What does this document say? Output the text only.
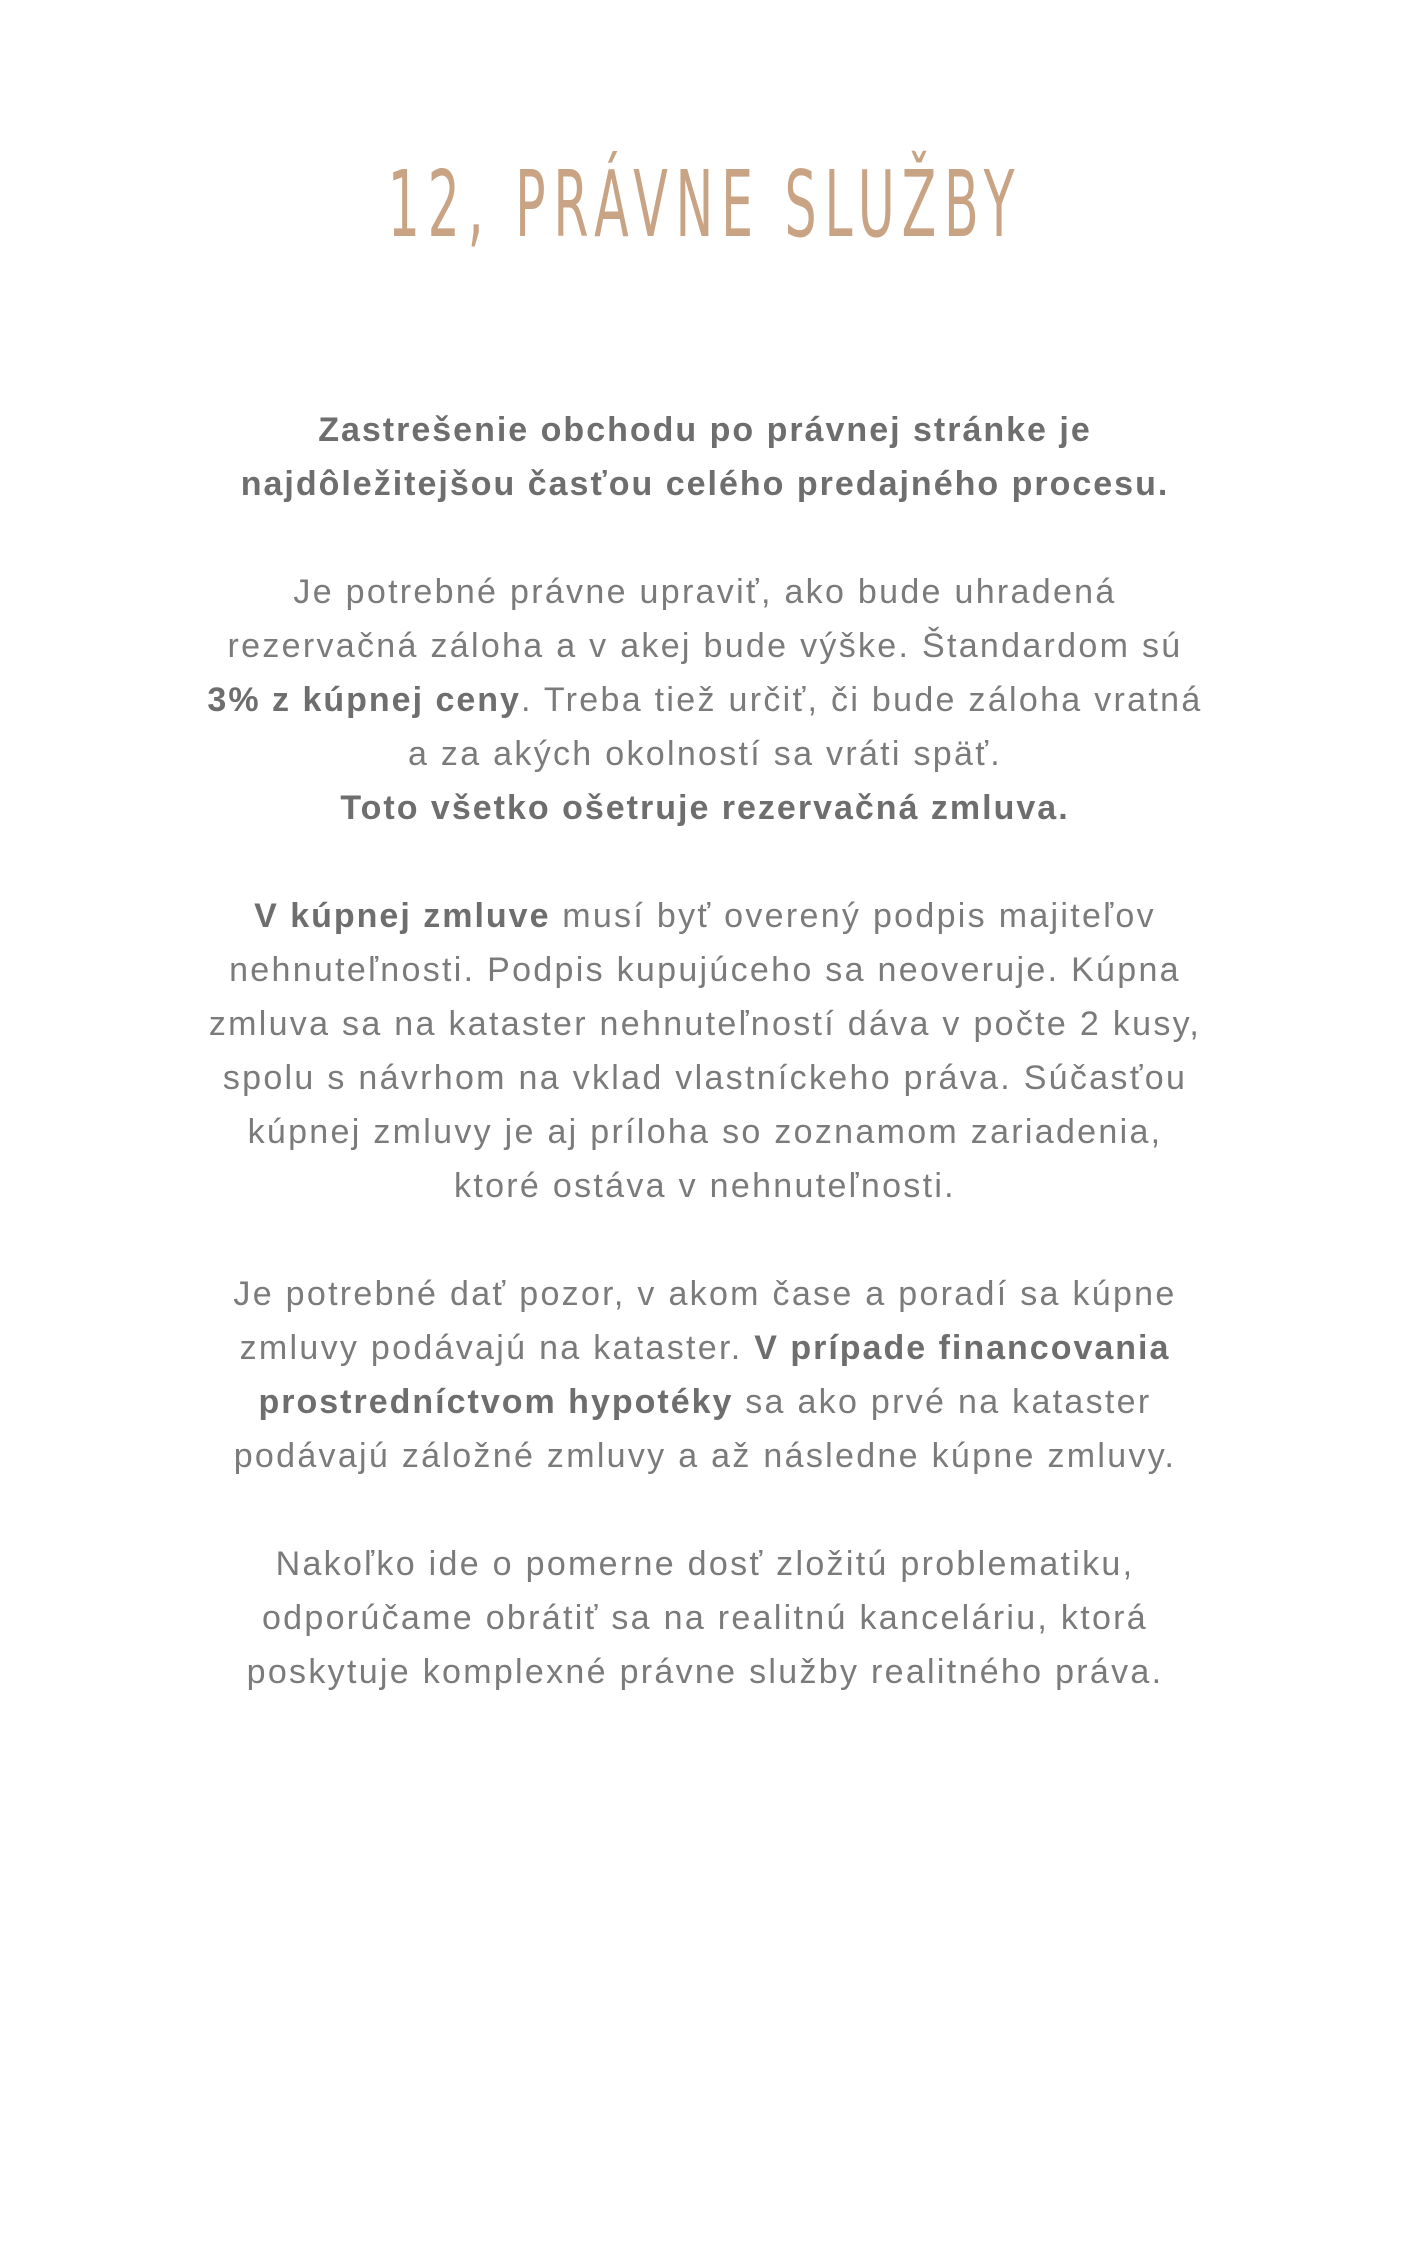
12, PRÁVNE SLUŽBY

Zastrešenie obchodu po právnej stránke je
najdôležitejšou časťou celého predajného procesu.

Je potrebné právne upraviť, ako bude uhradená
rezervačná záloha a v akej bude výške. Štandardom sú
3% z kúpnej ceny. Treba tiež určiť, či bude záloha vratná
a za akých okolností sa vráti späť.
Toto všetko ošetruje rezervačná zmluva.

V kúpnej zmluve musí byť overený podpis majiteľov
nehnuteľnosti. Podpis kupujúceho sa neoveruje. Kúpna
zmluva sa na kataster nehnuteľností dáva v počte 2 kusy,
spolu s návrhom na vklad vlastníckeho práva. Súčasťou
kúpnej zmluvy je aj príloha so zoznamom zariadenia,
ktoré ostáva v nehnuteľnosti.

Je potrebné dať pozor, v akom čase a poradí sa kúpne
zmluvy podávajú na kataster. V prípade financovania
prostredníctvom hypotéky sa ako prvé na kataster
podávajú záložné zmluvy a až následne kúpne zmluvy.

Nakoľko ide o pomerne dosť zložitú problematiku,
odporúčame obrátiť sa na realitnú kanceláriu, ktorá
poskytuje komplexné právne služby realitného práva.
